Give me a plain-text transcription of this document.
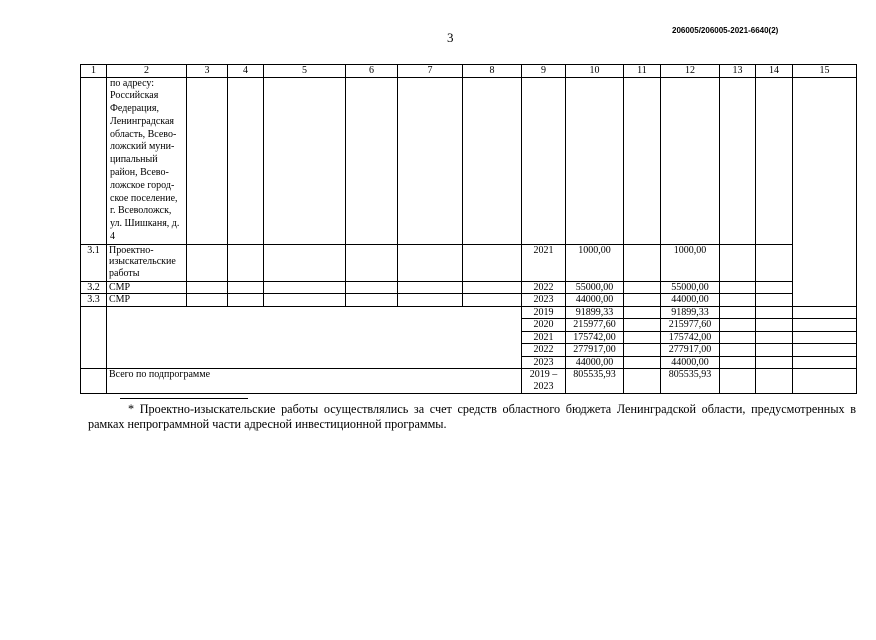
3	206005/206005-2021-6640(2)
1	2	3	4	5	6	7	8	9	10	11	12	13	14	15
	по адресу: Российская Федерация, Ленинградская область, Всево-ложский муни-ципальный район, Всево-ложское город-ское поселение, г. Всеволожск, ул. Шишканя, д. 4													
3.1	Проектно-изыскательские работы							2021	1000,00		1000,00			
3.2	СМР							2022	55000,00		55000,00			
3.3	СМР							2023	44000,00		44000,00			
								2019	91899,33		91899,33			
								2020	215977,60		215977,60			
								2021	175742,00		175742,00			
								2022	277917,00		277917,00			
								2023	44000,00		44000,00			
	Всего по подпрограмме							2019 – 2023	805535,93		805535,93			
* Проектно-изыскательские работы осуществлялись за счет средств областного бюджета Ленинградской области, предусмотренных в рамках непрограммной части адресной инвестиционной программы.
